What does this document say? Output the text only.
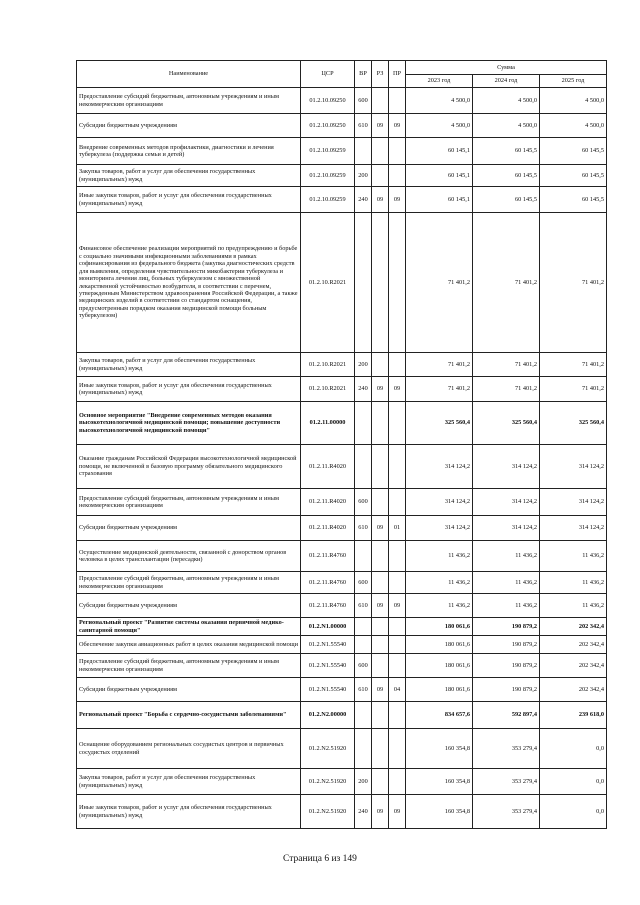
Наименование	ЦСР	ВР	РЗ	ПР	Сумма		
					2023 год	2024 год	2025 год
Предоставление субсидий бюджетным, автономным учреждениям и иным некоммерческим организациям	01.2.10.09250	600			4 500,0	4 500,0	4 500,0
Субсидии бюджетным учреждениям	01.2.10.09250	610	09	09	4 500,0	4 500,0	4 500,0
Внедрение современных методов профилактики, диагностики и лечения туберкулеза (поддержка семьи и детей)	01.2.10.09259				60 145,1	60 145,5	60 145,5
Закупка товаров, работ и услуг для обеспечения государственных (муниципальных) нужд	01.2.10.09259	200			60 145,1	60 145,5	60 145,5
Иные закупки товаров, работ и услуг для обеспечения государственных (муниципальных) нужд	01.2.10.09259	240	09	09	60 145,1	60 145,5	60 145,5
Финансовое обеспечение реализации мероприятий по предупреждению и борьбе с социально значимыми инфекционными заболеваниями в рамках софинансирования из федерального бюджета (закупка диагностических средств для выявления, определения чувствительности микобактерии туберкулеза и мониторинга лечения лиц, больных туберкулезом с множественной лекарственной устойчивостью возбудителя, в соответствии с перечнем, утвержденным Министерством здравоохранения Российской Федерации, а также медицинских изделий в соответствии со стандартом оснащения, предусмотренным порядком оказания медицинской помощи больным туберкулезом)	01.2.10.R2021				71 401,2	71 401,2	71 401,2
Закупка товаров, работ и услуг для обеспечения государственных (муниципальных) нужд	01.2.10.R2021	200			71 401,2	71 401,2	71 401,2
Иные закупки товаров, работ и услуг для обеспечения государственных (муниципальных) нужд	01.2.10.R2021	240	09	09	71 401,2	71 401,2	71 401,2
Основное мероприятие "Внедрение современных методов оказания высокотехнологичной медицинской помощи; повышение доступности высокотехнологичной медицинской помощи"	01.2.11.00000				325 560,4	325 560,4	325 560,4
Оказание гражданам Российской Федерации высокотехнологичной медицинской помощи, не включенной в базовую программу обязательного медицинского страхования	01.2.11.R4020				314 124,2	314 124,2	314 124,2
Предоставление субсидий бюджетным, автономным учреждениям и иным некоммерческим организациям	01.2.11.R4020	600			314 124,2	314 124,2	314 124,2
Субсидии бюджетным учреждениям	01.2.11.R4020	610	09	01	314 124,2	314 124,2	314 124,2
Осуществление медицинской деятельности, связанной с донорством органов человека в целях трансплантации (пересадки)	01.2.11.R4760				11 436,2	11 436,2	11 436,2
Предоставление субсидий бюджетным, автономным учреждениям и иным некоммерческим организациям	01.2.11.R4760	600			11 436,2	11 436,2	11 436,2
Субсидии бюджетным учреждениям	01.2.11.R4760	610	09	09	11 436,2	11 436,2	11 436,2
Региональный проект "Развитие системы оказания первичной медико-санитарной помощи"	01.2.N1.00000				180 061,6	190 879,2	202 342,4
Обеспечение закупки авиационных работ в целях оказания медицинской помощи	01.2.N1.55540				180 061,6	190 879,2	202 342,4
Предоставление субсидий бюджетным, автономным учреждениям и иным некоммерческим организациям	01.2.N1.55540	600			180 061,6	190 879,2	202 342,4
Субсидии бюджетным учреждениям	01.2.N1.55540	610	09	04	180 061,6	190 879,2	202 342,4
Региональный проект "Борьба с сердечно-сосудистыми заболеваниями"	01.2.N2.00000				834 657,6	592 897,4	239 618,0
Оснащение оборудованием региональных сосудистых центров и первичных сосудистых отделений	01.2.N2.51920				160 354,8	353 279,4	0,0
Закупка товаров, работ и услуг для обеспечения государственных (муниципальных) нужд	01.2.N2.51920	200			160 354,8	353 279,4	0,0
Иные закупки товаров, работ и услуг для обеспечения государственных (муниципальных) нужд	01.2.N2.51920	240	09	09	160 354,8	353 279,4	0,0
Страница 6 из 149
